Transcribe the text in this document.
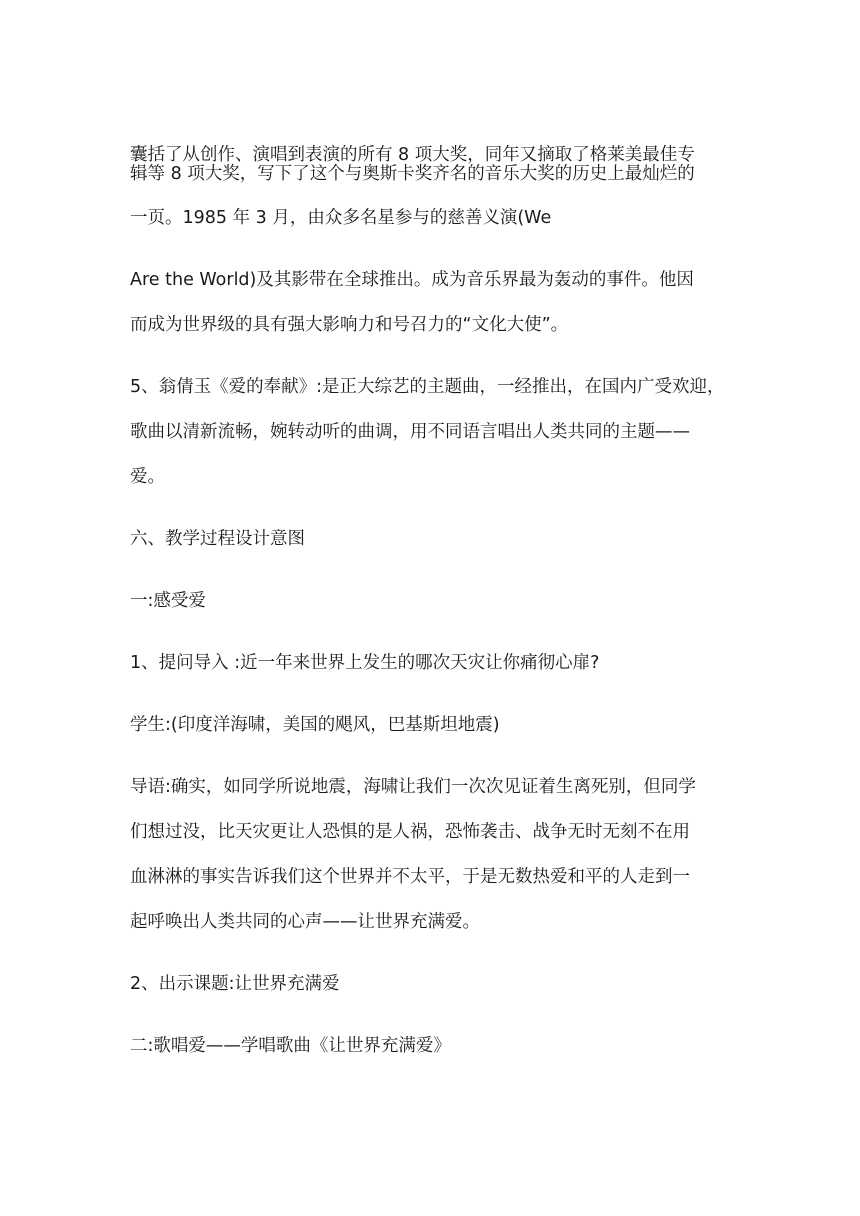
囊括了从创作、演唱到表演的所有 8 项大奖，同年又摘取了格莱美最佳专
辑等 8 项大奖，写下了这个与奥斯卡奖齐名的音乐大奖的历史上最灿烂的
一页。1985 年 3 月，由众多名星参与的慈善义演(We
Are the World)及其影带在全球推出。成为音乐界最为轰动的事件。他因
而成为世界级的具有强大影响力和号召力的“文化大使”。
5、翁倩玉《爱的奉献》:是正大综艺的主题曲，一经推出，在国内广受欢迎，
歌曲以清新流畅，婉转动听的曲调，用不同语言唱出人类共同的主题——
爱。
六、教学过程设计意图
一:感受爱
1、提问导入 :近一年来世界上发生的哪次天灾让你痛彻心扉?
学生:(印度洋海啸，美国的飓风，巴基斯坦地震)
导语:确实，如同学所说地震，海啸让我们一次次见证着生离死别，但同学
们想过没，比天灾更让人恐惧的是人祸，恐怖袭击、战争无时无刻不在用
血淋淋的事实告诉我们这个世界并不太平，于是无数热爱和平的人走到一
起呼唤出人类共同的心声——让世界充满爱。
2、出示课题:让世界充满爱
二:歌唱爱——学唱歌曲《让世界充满爱》
